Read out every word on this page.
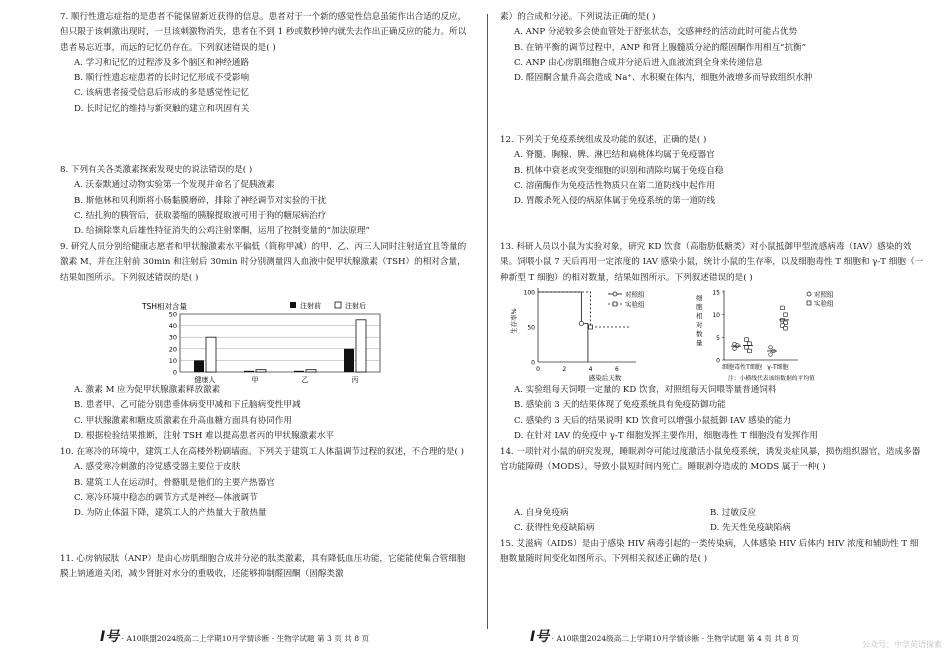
7. 顺行性遗忘症指的是患者不能保留新近获得的信息。患者对于一个新的感觉性信息虽能作出合适的反应，但只限于该刺激出现时，一旦该刺激物消失，患者在不到 1 秒或数秒钟内就失去作出正确反应的能力。所以患者易忘近事，而远的记忆仍存在。下列叙述错误的是( )

A. 学习和记忆的过程涉及多个脑区和神经通路

B. 顺行性遗忘症患者的长时记忆形成不受影响

C. 该病患者接受信息后形成的多是感觉性记忆

D. 长时记忆的维持与新突触的建立和巩固有关

8. 下列有关各类激素探索发现史的说法错误的是( )

A. 沃泰默通过动物实验第一个发现并命名了促胰液素

B. 斯他林和贝利斯将小肠黏膜磨碎，排除了神经调节对实验的干扰

C. 结扎狗的胰管后，获取萎缩的胰腺提取液可用于狗的糖尿病治疗

D. 给摘除睾丸后雄性特征消失的公鸡注射睾酮，运用了控制变量的“加法原理”

9. 研究人员分别给健康志愿者和甲状腺激素水平偏低（简称甲减）的甲、乙、丙三人同时注射适宜且等量的激素 M，并在注射前 30min 和注射后 30min 时分别测量四人血液中促甲状腺激素（TSH）的相对含量，结果如图所示。下列叙述错误的是( )

TSH相对含量	注射前	注射后
0
10
20
30
40
50
健康人	甲	乙	丙

A. 激素 M 应为促甲状腺激素释放激素

B. 患者甲、乙可能分别患垂体病变甲减和下丘脑病变性甲减

C. 甲状腺激素和糖皮质激素在升高血糖方面具有协同作用

D. 根据检验结果推断，注射 TSH 难以提高患者丙的甲状腺激素水平

10. 在寒冷的环境中，建筑工人在高楼外粉刷墙面。下列关于建筑工人体温调节过程的叙述，不合理的是( )

A. 感受寒冷刺激的冷觉感受器主要位于皮肤

B. 建筑工人在运动时，骨骼肌是他们的主要产热器官

C. 寒冷环境中稳态的调节方式是神经—体液调节

D. 为防止体温下降，建筑工人的产热量大于散热量

11. 心房钠尿肽（ANP）是由心房肌细胞合成并分泌的肽类激素，具有降低血压功能，它能能使集合管细胞膜上钠通道关闭，减少肾脏对水分的重吸收，还能够抑制醛固酮（固醇类激

I号 · A10联盟2024级高二上学期10月学情诊断 · 生物学试题 第 3 页 共 8 页

素）的合成和分泌。下列说法正确的是( )

A. ANP 分泌较多会使血管处于舒张状态，交感神经的活动此时可能占优势

B. 在钠平衡的调节过程中，ANP 和肾上腺髓质分泌的醛固酮作用相互“抗衡”

C. ANP 由心房肌细胞合成并分泌后进入血液流到全身来传递信息

D. 醛固酮含量升高会造成 Na⁺、水积聚在体内，细胞外液增多而导致组织水肿

12. 下列关于免疫系统组成及功能的叙述，正确的是( )

A. 脊髓、胸腺、脾、淋巴结和扁桃体均属于免疫器官

B. 机体中衰老或突变细胞的识别和清除均属于免疫自稳

C. 溶菌酶作为免疫活性物质只在第二道防线中起作用

D. 胃酸杀死入侵的病原体属于免疫系统的第一道防线

13. 科研人员以小鼠为实验对象，研究 KD 饮食（高脂肪低糖类）对小鼠抵御甲型流感病毒（IAV）感染的效果。饲喂小鼠 7 天后再用一定浓度的 IAV 感染小鼠，统计小鼠的生存率，以及细胞毒性 T 细胞和 γ-T 细胞（一种新型 T 细胞）的相对数量，结果如图所示。下列叙述错误的是( )

生存率%
感染后天数
0
50
100
0	2	4	6
对照组
实验组
细
胞
相
对
数
量
0
5
10
15
细胞毒性T细胞 γ-T细胞
对照组
实验组
注：小横线代表该组数据的平均值

A. 实验组每天饲喂一定量的 KD 饮食，对照组每天饲喂等量普通饲料

B. 感染前 3 天的结果体现了免疫系统具有免疫防御功能

C. 感染约 3 天后的结果说明 KD 饮食可以增强小鼠抵御 IAV 感染的能力

D. 在针对 IAV 的免疫中 γ-T 细胞发挥主要作用，细胞毒性 T 细胞没有发挥作用

14. 一项针对小鼠的研究发现，睡眠剥夺可能过度激活小鼠免疫系统，诱发炎症风暴，损伤组织器官，造成多器官功能障碍（MODS），导致小鼠短时间内死亡。睡眠剥夺造成的 MODS 属于一种( )

A. 自身免疫病	B. 过敏反应
C. 获得性免疫缺陷病	D. 先天性免疫缺陷病

15. 艾滋病（AIDS）是由于感染 HIV 病毒引起的一类传染病，人体感染 HIV 后体内 HIV 浓度和辅助性 T 细胞数量随时间变化如图所示。下列相关叙述正确的是( )

I号 · A10联盟2024级高二上学期10月学情诊断 · 生物学试题 第 4 页 共 8 页
公众号：中学英语探索
